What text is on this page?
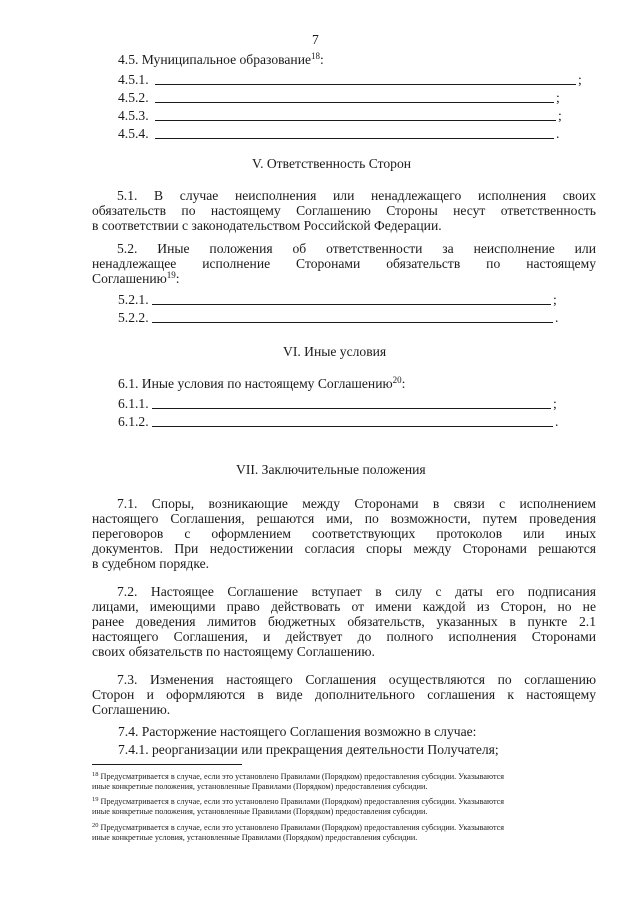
7
4.5. Муниципальное образование$^{18}$:
4.5.1.	;
4.5.2.	;
4.5.3.	;
4.5.4.	.
V. Ответственность Сторон
5.1. В случае неисполнения или ненадлежащего исполнения своих
обязательств по настоящему Соглашению Стороны несут ответственность
в соответствии с законодательством Российской Федерации.
5.2. Иные положения об ответственности за неисполнение или
ненадлежащее исполнение Сторонами обязательств по настоящему
Соглашению$^{19}$:
5.2.1.	;
5.2.2.	.
VI. Иные условия
6.1. Иные условия по настоящему Соглашению$^{20}$:
6.1.1.	;
6.1.2.	.
VII. Заключительные положения
7.1. Споры, возникающие между Сторонами в связи с исполнением
настоящего Соглашения, решаются ими, по возможности, путем проведения
переговоров с оформлением соответствующих протоколов или иных
документов. При недостижении согласия споры между Сторонами решаются
в судебном порядке.
7.2. Настоящее Соглашение вступает в силу с даты его подписания
лицами, имеющими право действовать от имени каждой из Сторон, но не
ранее доведения лимитов бюджетных обязательств, указанных в пункте 2.1
настоящего Соглашения, и действует до полного исполнения Сторонами
своих обязательств по настоящему Соглашению.
7.3. Изменения настоящего Соглашения осуществляются по соглашению
Сторон и оформляются в виде дополнительного соглашения к настоящему
Соглашению.
7.4. Расторжение настоящего Соглашения возможно в случае:
7.4.1. реорганизации или прекращения деятельности Получателя;
$^{18}$ Предусматривается в случае, если это установлено Правилами (Порядком) предоставления субсидии. Указываются
иные конкретные положения, установленные Правилами (Порядком) предоставления субсидии.
$^{19}$ Предусматривается в случае, если это установлено Правилами (Порядком) предоставления субсидии. Указываются
иные конкретные положения, установленные Правилами (Порядком) предоставления субсидии.
$^{20}$ Предусматривается в случае, если это установлено Правилами (Порядком) предоставления субсидии. Указываются
иные конкретные условия, установленные Правилами (Порядком) предоставления субсидии.
